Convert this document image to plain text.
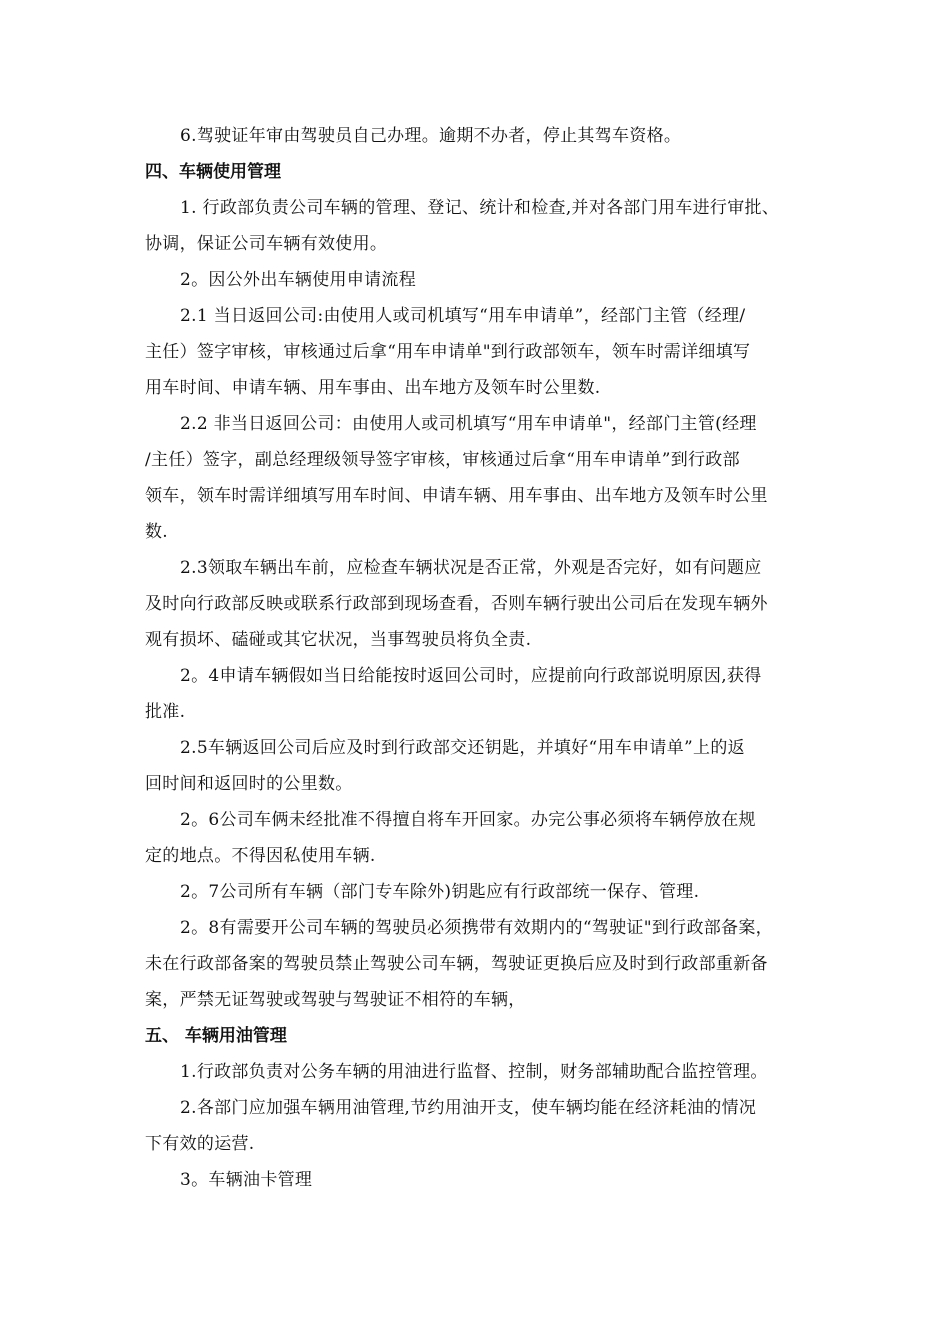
6.驾驶证年审由驾驶员自己办理。逾期不办者，停止其驾车资格。
四、车辆使用管理
1. 行政部负责公司车辆的管理、登记、统计和检查,并对各部门用车进行审批、
协调，保证公司车辆有效使用。
2。因公外出车辆使用申请流程
2.1 当日返回公司:由使用人或司机填写“用车申请单”，经部门主管（经理/
主任）签字审核，审核通过后拿“用车申请单"到行政部领车，领车时需详细填写
用车时间、申请车辆、用车事由、出车地方及领车时公里数.
2.2 非当日返回公司：由使用人或司机填写“用车申请单"，经部门主管(经理
/主任）签字，副总经理级领导签字审核，审核通过后拿“用车申请单”到行政部
领车，领车时需详细填写用车时间、申请车辆、用车事由、出车地方及领车时公里
数.
2.3领取车辆出车前，应检查车辆状况是否正常，外观是否完好，如有问题应
及时向行政部反映或联系行政部到现场查看，否则车辆行驶出公司后在发现车辆外
观有损坏、磕碰或其它状况，当事驾驶员将负全责.
2。4申请车辆假如当日给能按时返回公司时，应提前向行政部说明原因,获得
批准.
2.5车辆返回公司后应及时到行政部交还钥匙，并填好“用车申请单”上的返
回时间和返回时的公里数。
2。6公司车俩未经批准不得擅自将车开回家。办完公事必须将车辆停放在规
定的地点。不得因私使用车辆.
2。7公司所有车辆（部门专车除外)钥匙应有行政部统一保存、管理.
2。8有需要开公司车辆的驾驶员必须携带有效期内的“驾驶证"到行政部备案，
未在行政部备案的驾驶员禁止驾驶公司车辆，驾驶证更换后应及时到行政部重新备
案，严禁无证驾驶或驾驶与驾驶证不相符的车辆，
五、 车辆用油管理
1.行政部负责对公务车辆的用油进行监督、控制，财务部辅助配合监控管理。
2.各部门应加强车辆用油管理,节约用油开支，使车辆均能在经济耗油的情况
下有效的运营.
3。车辆油卡管理
